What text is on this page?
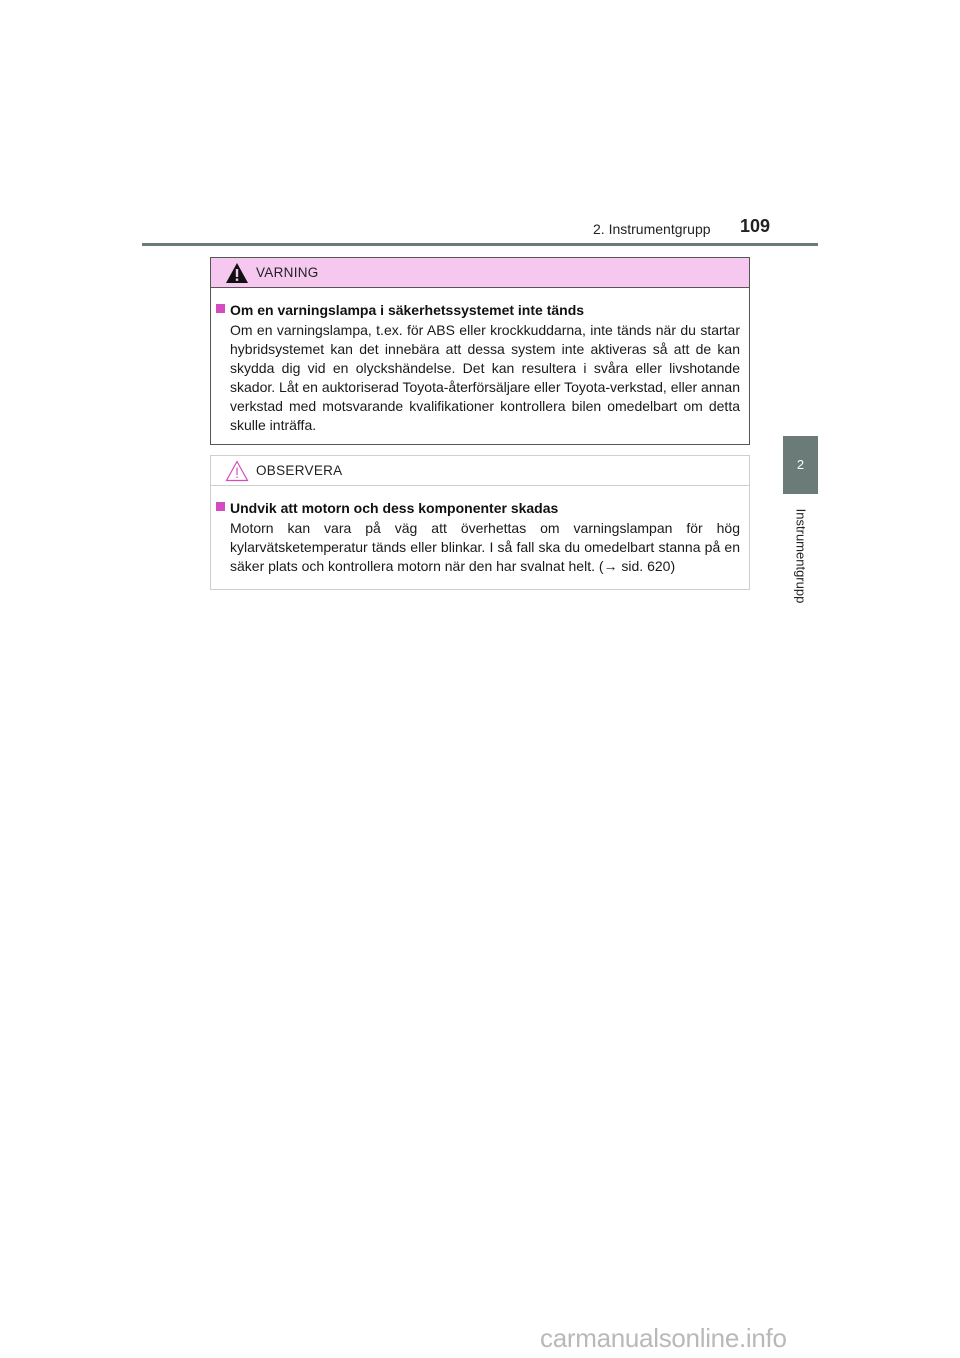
2. Instrumentgrupp 109
2
Instrumentgrupp
VARNING
Om en varningslampa i säkerhetssystemet inte tänds
Om en varningslampa, t.ex. för ABS eller krockkuddarna, inte tänds när du startar hybridsystemet kan det innebära att dessa system inte aktiveras så att de kan skydda dig vid en olyckshändelse. Det kan resultera i svåra eller livshotande skador. Låt en auktoriserad Toyota-återförsäljare eller Toyota-verkstad, eller annan verkstad med motsvarande kvalifikationer kontrollera bilen omedelbart om detta skulle inträffa.
OBSERVERA
Undvik att motorn och dess komponenter skadas
Motorn kan vara på väg att överhettas om varningslampan för hög kylarvätsketemperatur tänds eller blinkar. I så fall ska du omedelbart stanna på en säker plats och kontrollera motorn när den har svalnat helt. (→ sid. 620)
carmanualsonline.info
